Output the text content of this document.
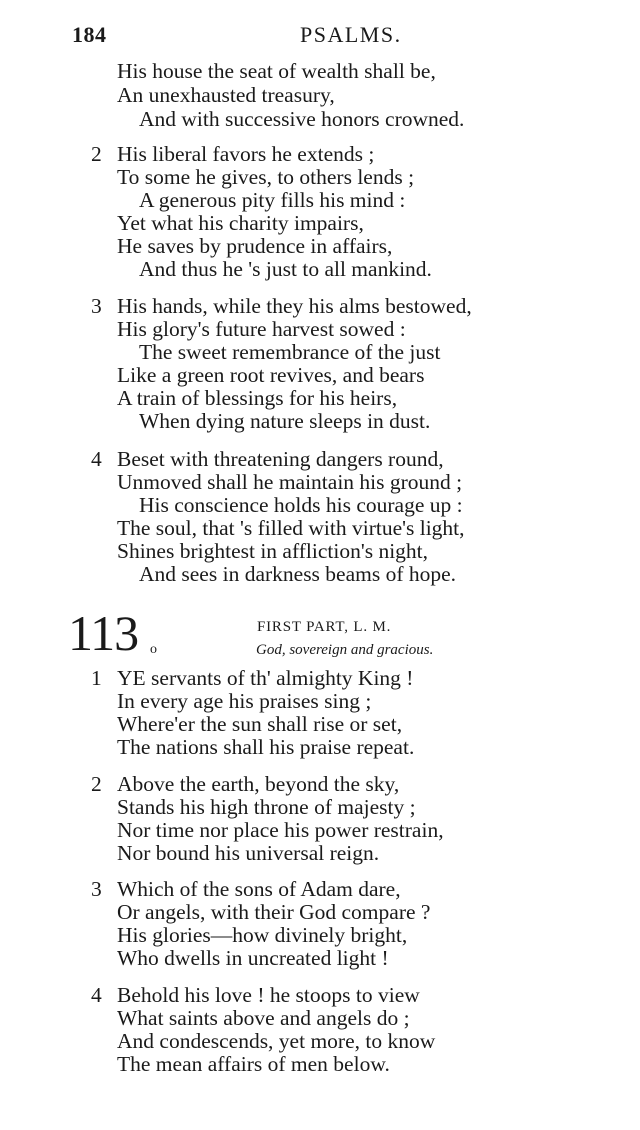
184	PSALMS.
His house the seat of wealth shall be,
An unexhausted treasury,
And with successive honors crowned.
2 His liberal favors he extends ;
To some he gives, to others lends ;
A generous pity fills his mind :
Yet what his charity impairs,
He saves by prudence in affairs,
And thus he 's just to all mankind.
3 His hands, while they his alms bestowed,
His glory's future harvest sowed :
The sweet remembrance of the just
Like a green root revives, and bears
A train of blessings for his heirs,
When dying nature sleeps in dust.
4 Beset with threatening dangers round,
Unmoved shall he maintain his ground ;
His conscience holds his courage up :
The soul, that 's filled with virtue's light,
Shines brightest in affliction's night,
And sees in darkness beams of hope.
113 o
FIRST PART, L. M.
God, sovereign and gracious.
1 YE servants of th' almighty King !
In every age his praises sing ;
Where'er the sun shall rise or set,
The nations shall his praise repeat.
2 Above the earth, beyond the sky,
Stands his high throne of majesty ;
Nor time nor place his power restrain,
Nor bound his universal reign.
3 Which of the sons of Adam dare,
Or angels, with their God compare ?
His glories—how divinely bright,
Who dwells in uncreated light !
4 Behold his love ! he stoops to view
What saints above and angels do ;
And condescends, yet more, to know
The mean affairs of men below.
